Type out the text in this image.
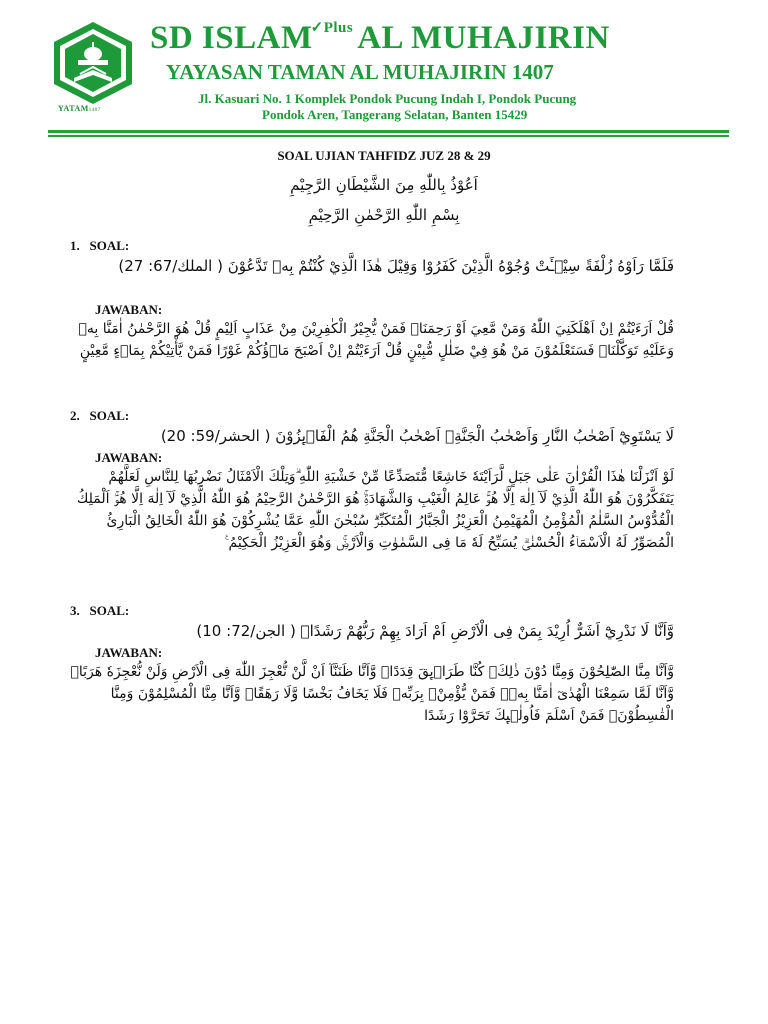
YATAM1407
SD $ISLAM^{✓Plus}$ AL MUHAJIRIN
YAYASAN TAMAN AL MUHAJIRIN 1407
Jl. Kasuari No. 1 Komplek Pondok Pucung Indah I, Pondok Pucung
Pondok Aren, Tangerang Selatan, Banten 15429
SOAL UJIAN TAHFIDZ JUZ 28 & 29
اَعُوْذُ بِاللّٰهِ مِنَ الشَّيْطَانِ الرَّجِيْمِ
بِسْمِ اللّٰهِ الرَّحْمٰنِ الرَّحِيْمِ
1. SOAL:
فَلَمَّا رَاَوْهُ زُلْفَةً سِيْۤـَٔتْ وُجُوْهُ الَّذِيْنَ كَفَرُوْا وَقِيْلَ هٰذَا الَّذِيْ كُنْتُمْ بِهٖ تَدَّعُوْنَ ( الملك/67: 27)
JAWABAN:
قُلْ اَرَءَيْتُمْ اِنْ اَهْلَكَنِيَ اللّٰهُ وَمَنْ مَّعِيَ اَوْ رَحِمَنَاۙ فَمَنْ يُّجِيْرُ الْكٰفِرِيْنَ مِنْ عَذَابٍ اَلِيْمٍ قُلْ هُوَ الرَّحْمٰنُ اٰمَنَّا بِهٖ وَعَلَيْهِ تَوَكَّلْنَاۚ فَسَتَعْلَمُوْنَ مَنْ هُوَ فِيْ ضَلٰلٍ مُّبِيْنٍ قُلْ اَرَءَيْتُمْ اِنْ اَصْبَحَ مَاۤؤُكُمْ غَوْرًا فَمَنْ يَّأْتِيْكُمْ بِمَاۤءٍ مَّعِيْنٍ
2. SOAL:
لَا يَسْتَوِيْٓ اَصْحٰبُ النَّارِ وَاَصْحٰبُ الْجَنَّةِۗ اَصْحٰبُ الْجَنَّةِ هُمُ الْفَاۤىِٕزُوْنَ ( الحشر/59: 20)
JAWABAN:
لَوْ اَنْزَلْنَا هٰذَا الْقُرْاٰنَ عَلٰى جَبَلٍ لَّرَاَيْتَهٗ خَاشِعًا مُّتَصَدِّعًا مِّنْ خَشْيَةِ اللّٰهِ ۗوَتِلْكَ الْاَمْثَالُ نَضْرِبُهَا لِلنَّاسِ لَعَلَّهُمْ يَتَفَكَّرُوْنَ هُوَ اللّٰهُ الَّذِيْ لَآ اِلٰهَ اِلَّا هُوَۚ عَالِمُ الْغَيْبِ وَالشَّهَادَةِۚ هُوَ الرَّحْمٰنُ الرَّحِيْمُ هُوَ اللّٰهُ الَّذِيْ لَآ اِلٰهَ اِلَّا هُوَۚ اَلْمَلِكُ الْقُدُّوْسُ السَّلٰمُ الْمُؤْمِنُ الْمُهَيْمِنُ الْعَزِيْزُ الْجَبَّارُ الْمُتَكَبِّرُۗ سُبْحٰنَ اللّٰهِ عَمَّا يُشْرِكُوْنَ هُوَ اللّٰهُ الْخَالِقُ الْبَارِئُ الْمُصَوِّرُ لَهُ الْاَسْمَاۤءُ الْحُسْنٰىۗ يُسَبِّحُ لَهٗ مَا فِى السَّمٰوٰتِ وَالْاَرْضِۚ وَهُوَ الْعَزِيْزُ الْحَكِيْمُ ࣖ
3. SOAL:
وَّاَنَّا لَا نَدْرِيْٓ اَشَرٌّ اُرِيْدَ بِمَنْ فِى الْاَرْضِ اَمْ اَرَادَ بِهِمْ رَبُّهُمْ رَشَدًاۙ ( الجن/72: 10)
JAWABAN:
وَّاَنَّا مِنَّا الصّٰلِحُوْنَ وَمِنَّا دُوْنَ ذٰلِكَۗ كُنَّا طَرَاۤىِٕقَ قِدَدًاۙ وَّاَنَّا ظَنَنَّآ اَنْ لَّنْ نُّعْجِزَ اللّٰهَ فِى الْاَرْضِ وَلَنْ نُّعْجِزَهٗ هَرَبًاۙ وَّاَنَّا لَمَّا سَمِعْنَا الْهُدٰىٓ اٰمَنَّا بِهٖۗ فَمَنْ يُّؤْمِنْۢ بِرَبِّهٖ فَلَا يَخَافُ بَخْسًا وَّلَا رَهَقًاۖ وَّاَنَّا مِنَّا الْمُسْلِمُوْنَ وَمِنَّا الْقٰسِطُوْنَۗ فَمَنْ اَسْلَمَ فَاُولٰۤىِٕكَ تَحَرَّوْا رَشَدًا
